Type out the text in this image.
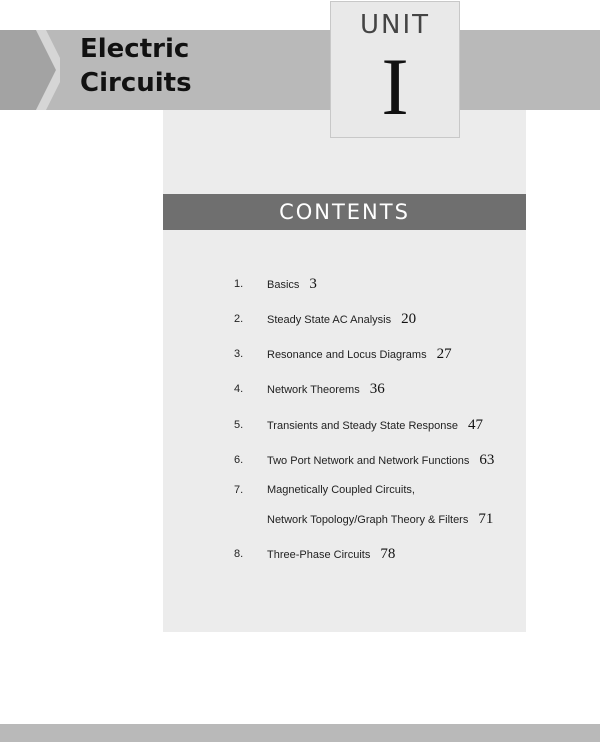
Electric
Circuits
UNIT
I
CONTENTS
1. Basics 3
2. Steady State AC Analysis 20
3. Resonance and Locus Diagrams 27
4. Network Theorems 36
5. Transients and Steady State Response 47
6. Two Port Network and Network Functions 63
7. Magnetically Coupled Circuits,
Network Topology/Graph Theory & Filters 71
8. Three-Phase Circuits 78
